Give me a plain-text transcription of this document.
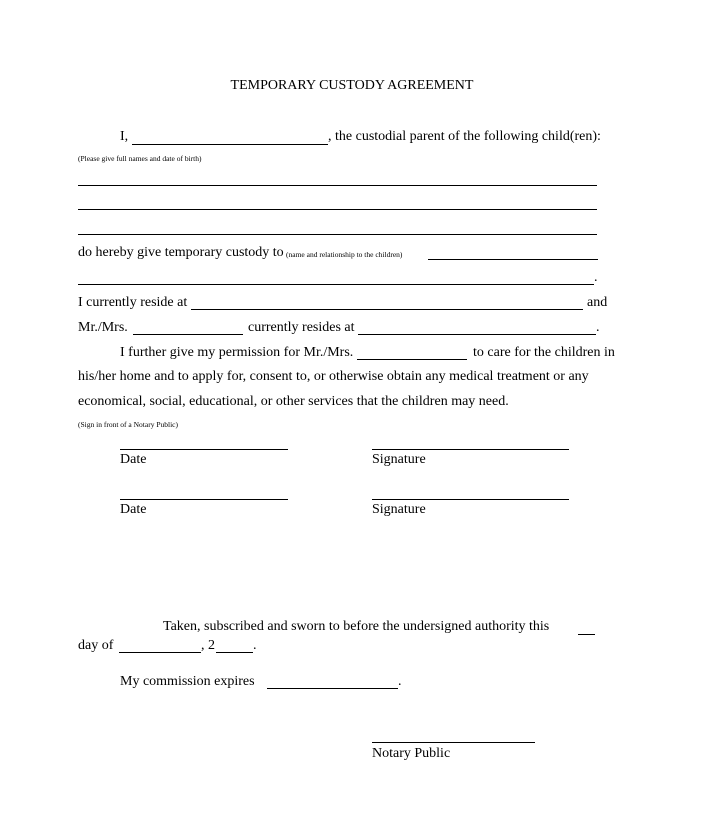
TEMPORARY CUSTODY AGREEMENT
I,	, the custodial parent of the following child(ren):
(Please give full names and date of birth)
do hereby give temporary custody to (name and relationship to the children)
.
I currently reside at	and
Mr./Mrs.	currently resides at	.
I further give my permission for Mr./Mrs.	to care for the children in
his/her home and to apply for, consent to, or otherwise obtain any medical treatment or any
economical, social, educational, or other services that the children may need.
(Sign in front of a Notary Public)
Date	Signature
Date	Signature
Taken, subscribed and sworn to before the undersigned authority this
day of	, 2	.
My commission expires	.
Notary Public
